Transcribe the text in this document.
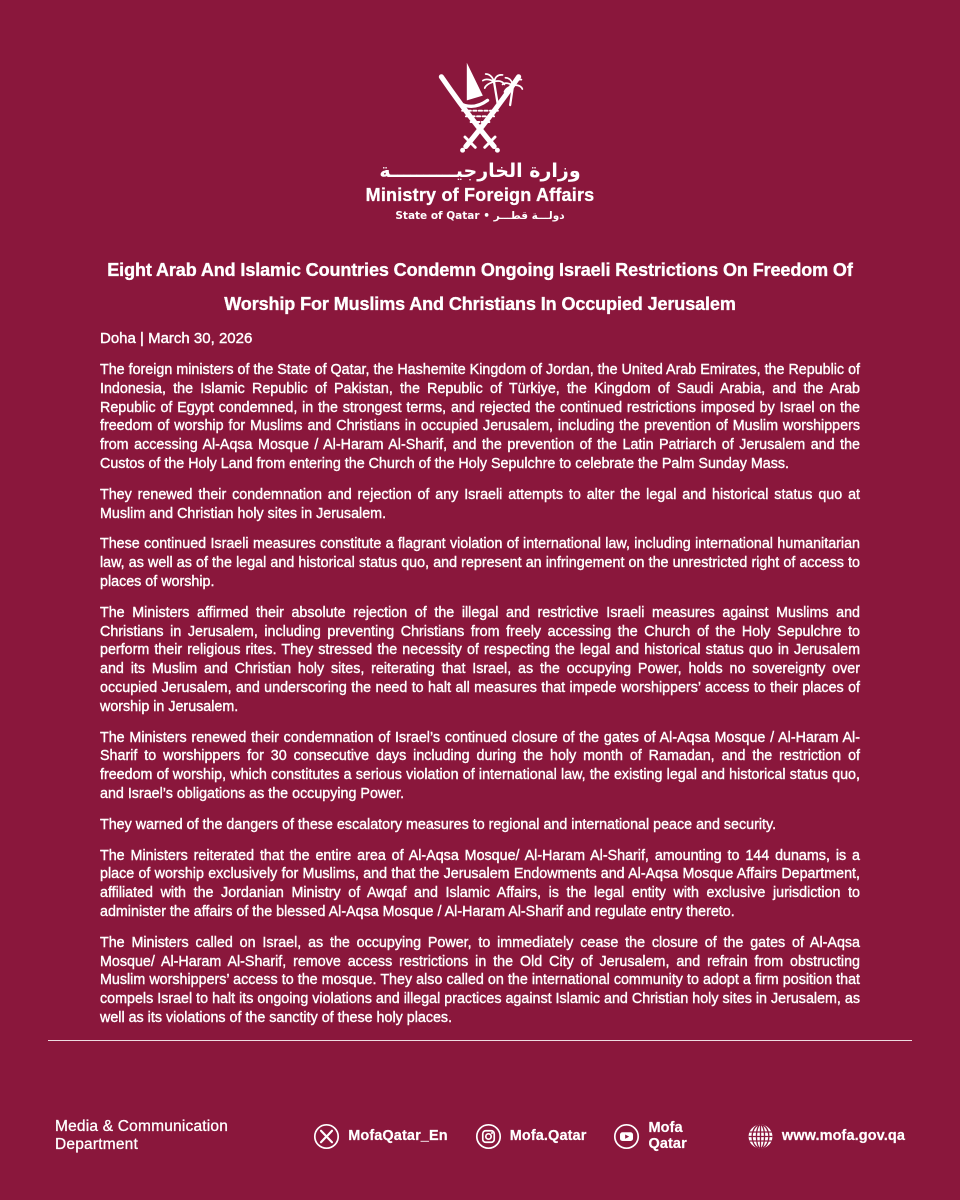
وزارة الخارجيــــــــــة
Ministry of Foreign Affairs
State of Qatar • دولـــة قطـــر
Eight Arab And Islamic Countries Condemn Ongoing Israeli Restrictions On Freedom Of Worship For Muslims And Christians In Occupied Jerusalem
Doha | March 30, 2026

The foreign ministers of the State of Qatar, the Hashemite Kingdom of Jordan, the United Arab Emirates, the Republic of Indonesia, the Islamic Republic of Pakistan, the Republic of Türkiye, the Kingdom of Saudi Arabia, and the Arab Republic of Egypt condemned, in the strongest terms, and rejected the continued restrictions imposed by Israel on the freedom of worship for Muslims and Christians in occupied Jerusalem, including the prevention of Muslim worshippers from accessing Al-Aqsa Mosque / Al-Haram Al-Sharif, and the prevention of the Latin Patriarch of Jerusalem and the Custos of the Holy Land from entering the Church of the Holy Sepulchre to celebrate the Palm Sunday Mass.

They renewed their condemnation and rejection of any Israeli attempts to alter the legal and historical status quo at Muslim and Christian holy sites in Jerusalem.

These continued Israeli measures constitute a flagrant violation of international law, including international humanitarian law, as well as of the legal and historical status quo, and represent an infringement on the unrestricted right of access to places of worship.

The Ministers affirmed their absolute rejection of the illegal and restrictive Israeli measures against Muslims and Christians in Jerusalem, including preventing Christians from freely accessing the Church of the Holy Sepulchre to perform their religious rites. They stressed the necessity of respecting the legal and historical status quo in Jerusalem and its Muslim and Christian holy sites, reiterating that Israel, as the occupying Power, holds no sovereignty over occupied Jerusalem, and underscoring the need to halt all measures that impede worshippers’ access to their places of worship in Jerusalem.

The Ministers renewed their condemnation of Israel’s continued closure of the gates of Al-Aqsa Mosque / Al-Haram Al-Sharif to worshippers for 30 consecutive days including during the holy month of Ramadan, and the restriction of freedom of worship, which constitutes a serious violation of international law, the existing legal and historical status quo, and Israel’s obligations as the occupying Power.

They warned of the dangers of these escalatory measures to regional and international peace and security.

The Ministers reiterated that the entire area of Al-Aqsa Mosque/ Al-Haram Al-Sharif, amounting to 144 dunams, is a place of worship exclusively for Muslims, and that the Jerusalem Endowments and Al-Aqsa Mosque Affairs Department, affiliated with the Jordanian Ministry of Awqaf and Islamic Affairs, is the legal entity with exclusive jurisdiction to administer the affairs of the blessed Al-Aqsa Mosque / Al-Haram Al-Sharif and regulate entry thereto.

The Ministers called on Israel, as the occupying Power, to immediately cease the closure of the gates of Al-Aqsa Mosque/ Al-Haram Al-Sharif, remove access restrictions in the Old City of Jerusalem, and refrain from obstructing Muslim worshippers’ access to the mosque. They also called on the international community to adopt a firm position that compels Israel to halt its ongoing violations and illegal practices against Islamic and Christian holy sites in Jerusalem, as well as its violations of the sanctity of these holy places.

Media & Communication Department	MofaQatar_En	Mofa.Qatar	Mofa Qatar	www.mofa.gov.qa
